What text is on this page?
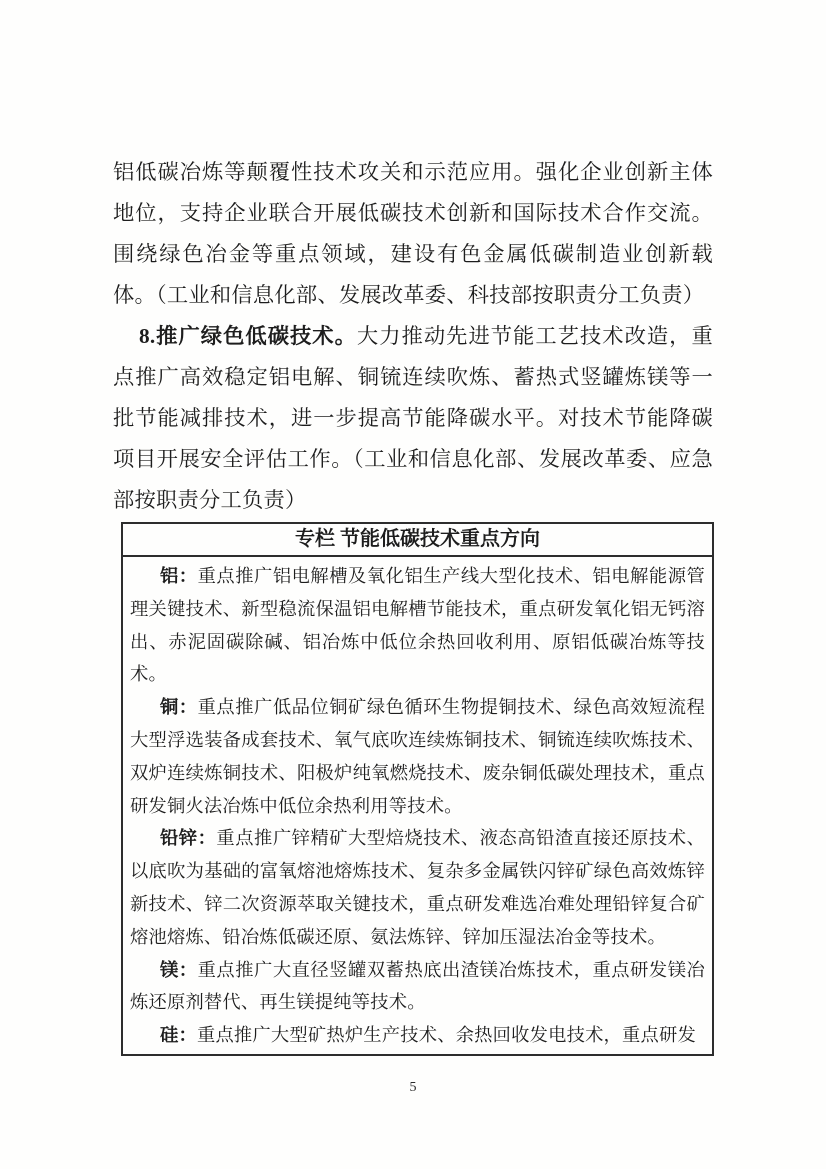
铝低碳冶炼等颠覆性技术攻关和示范应用。强化企业创新主体地位，支持企业联合开展低碳技术创新和国际技术合作交流。围绕绿色冶金等重点领域，建设有色金属低碳制造业创新载体。（工业和信息化部、发展改革委、科技部按职责分工负责）

8.推广绿色低碳技术。大力推动先进节能工艺技术改造，重点推广高效稳定铝电解、铜锍连续吹炼、蓄热式竖罐炼镁等一批节能减排技术，进一步提高节能降碳水平。对技术节能降碳项目开展安全评估工作。（工业和信息化部、发展改革委、应急部按职责分工负责）

专栏 节能低碳技术重点方向

铝：重点推广铝电解槽及氧化铝生产线大型化技术、铝电解能源管理关键技术、新型稳流保温铝电解槽节能技术，重点研发氧化铝无钙溶出、赤泥固碳除碱、铝冶炼中低位余热回收利用、原铝低碳冶炼等技术。

铜：重点推广低品位铜矿绿色循环生物提铜技术、绿色高效短流程大型浮选装备成套技术、氧气底吹连续炼铜技术、铜锍连续吹炼技术、双炉连续炼铜技术、阳极炉纯氧燃烧技术、废杂铜低碳处理技术，重点研发铜火法冶炼中低位余热利用等技术。

铅锌：重点推广锌精矿大型焙烧技术、液态高铅渣直接还原技术、以底吹为基础的富氧熔池熔炼技术、复杂多金属铁闪锌矿绿色高效炼锌新技术、锌二次资源萃取关键技术，重点研发难选冶难处理铅锌复合矿熔池熔炼、铅冶炼低碳还原、氨法炼锌、锌加压湿法冶金等技术。

镁：重点推广大直径竖罐双蓄热底出渣镁冶炼技术，重点研发镁冶炼还原剂替代、再生镁提纯等技术。

硅：重点推广大型矿热炉生产技术、余热回收发电技术，重点研发

5
